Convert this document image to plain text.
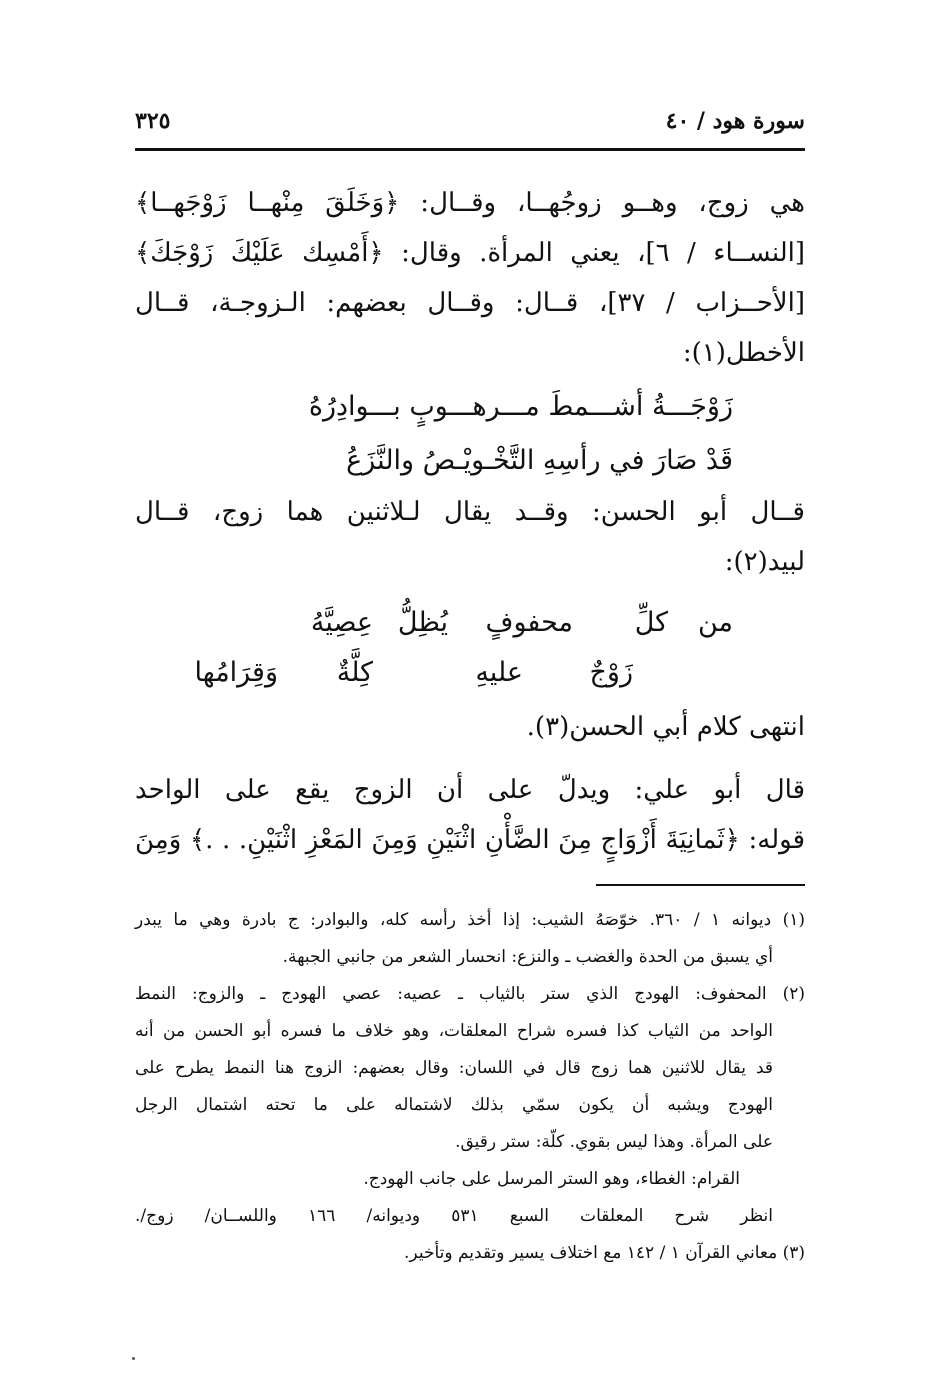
٣٢٥	سورة هود / ٤٠
هي زوج، وهــو زوجُهــا، وقــال: ﴿وَخَلَقَ مِنْهــا زَوْجَهــا﴾
[النســاء / ٦]، يعني المرأة. وقال: ﴿أَمْسِك عَلَيْكَ زَوْجَكَ﴾
[الأحــزاب / ٣٧]، قــال: وقــال بعضهم: الـزوجـة، قــال
الأخطل(١):
زَوْجَـــةُ أشـــمطَ مـــرهـــوبٍ بـــوادِرُهُ
قَدْ صَارَ في رأسِهِ التَّخْـويْـصُ والنَّزَعُ
قــال أبو الحسن: وقــد يقال لـلاثنين هما زوج، قــال
لبيد(٢):
من
كلِّ
محفوفٍ
يُظِلُّ
عِصِيَّهُ
زَوْجٌ
عليهِ
كِلَّةٌ
وَقِرَامُها
انتهى كلام أبي الحسن(٣).
قال أبو علي: ويدلّ على أن الزوج يقع على الواحد
قوله: ﴿ثَمانِيَةَ أَزْوَاجٍ مِنَ الضَّأْنِ اثْنَيْنِ وَمِنَ المَعْزِ اثْنَيْنِ. . .﴾ وَمِنَ
(١) ديوانه ١ / ٣٦٠. خوّصَهُ الشيب: إذا أخذ رأسه كله، والبوادر: ج بادرة وهي ما يبدر
أي يسبق من الحدة والغضب ـ والنزع: انحسار الشعر من جانبي الجبهة.
(٢) المحفوف: الهودج الذي ستر بالثياب ـ عصيه: عصي الهودج ـ والزوج: النمط
الواحد من الثياب كذا فسره شراح المعلقات، وهو خلاف ما فسره أبو الحسن من أنه
قد يقال للاثنين هما زوج قال في اللسان: وقال بعضهم: الزوج هنا النمط يطرح على
الهودج ويشبه أن يكون سمّي بذلك لاشتماله على ما تحته اشتمال الرجل
على المرأة. وهذا ليس بقوي. كلّة: ستر رقيق.
القرام: الغطاء، وهو الستر المرسل على جانب الهودج.
انظر شرح المعلقات السبع ٥٣١ وديوانه/ ١٦٦ واللســان/ زوج/.
(٣) معاني القرآن ١ / ١٤٢ مع اختلاف يسير وتقديم وتأخير.
